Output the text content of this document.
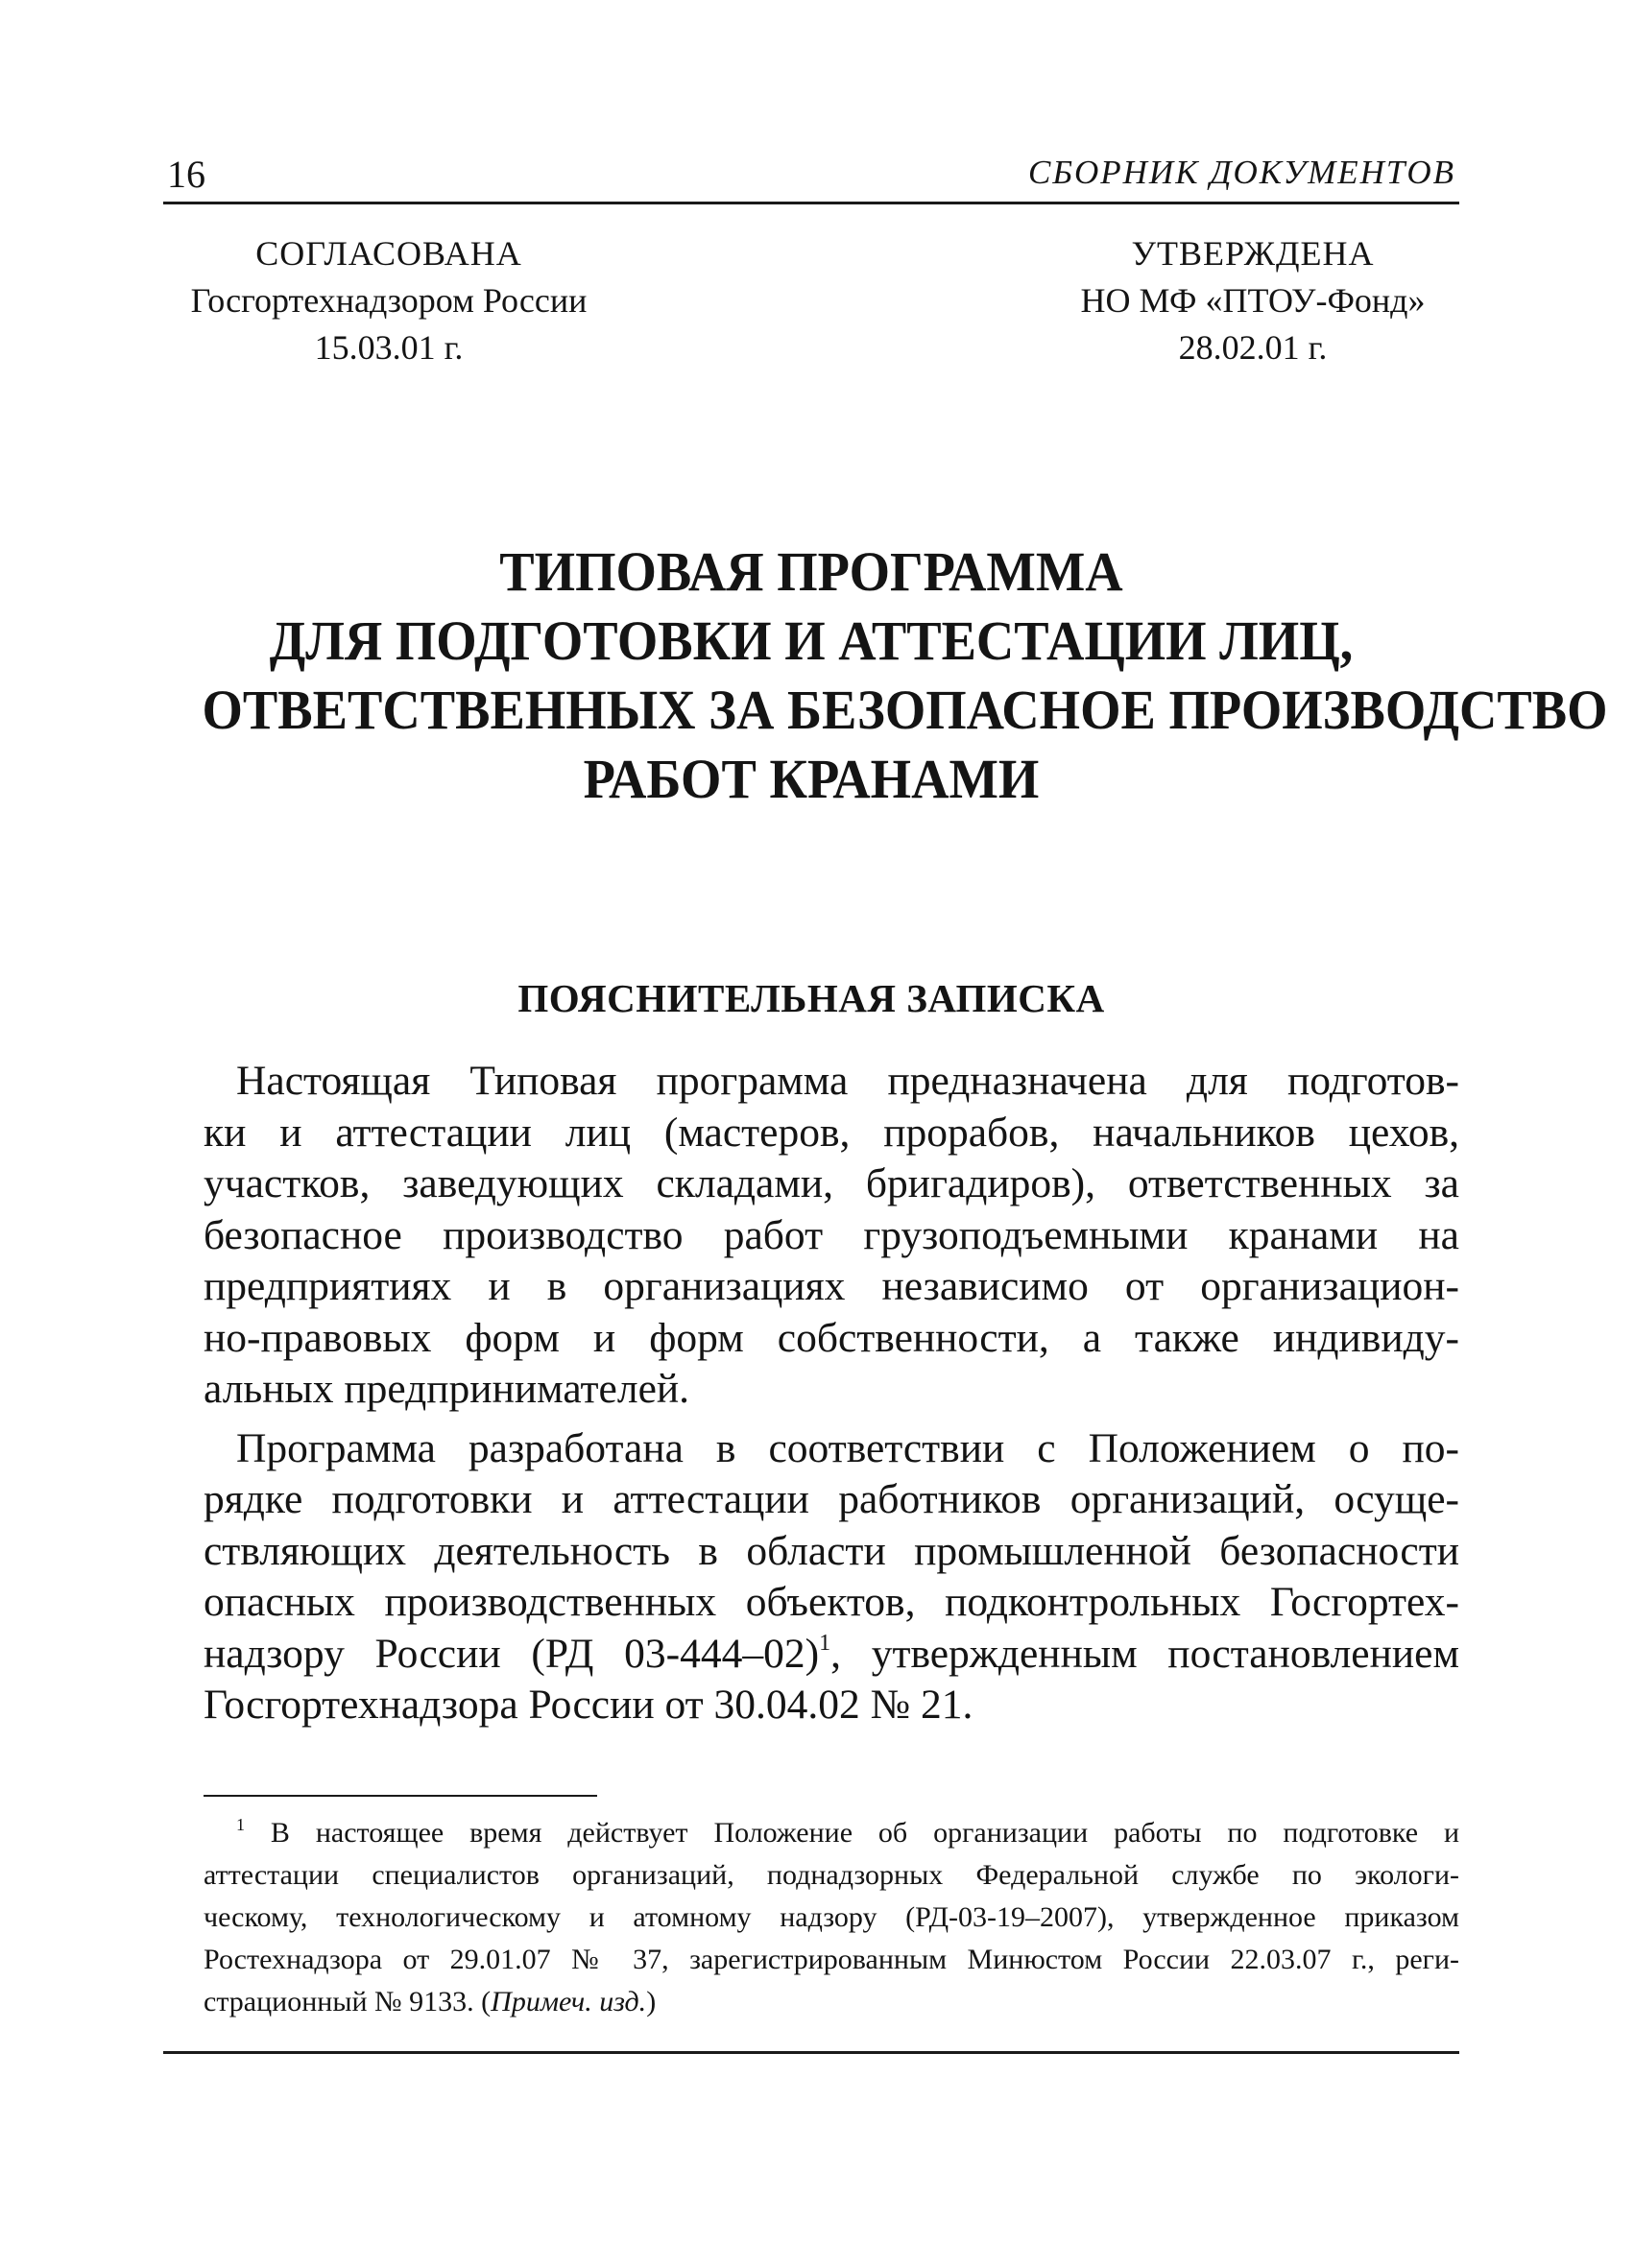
16	СБОРНИК ДОКУМЕНТОВ
СОГЛАСОВАНА
Госгортехнадзором России
15.03.01 г.
УТВЕРЖДЕНА
НО МФ «ПТОУ-Фонд»
28.02.01 г.
ТИПОВАЯ ПРОГРАММА
ДЛЯ ПОДГОТОВКИ И АТТЕСТАЦИИ ЛИЦ,
ОТВЕТСТВЕННЫХ ЗА БЕЗОПАСНОЕ ПРОИЗВОДСТВО
РАБОТ КРАНАМИ
ПОЯСНИТЕЛЬНАЯ ЗАПИСКА
Настоящая Типовая программа предназначена для подготов-
ки и аттестации лиц (мастеров, прорабов, начальников цехов,
участков, заведующих складами, бригадиров), ответственных за
безопасное производство работ грузоподъемными кранами на
предприятиях и в организациях независимо от организацион-
но-правовых форм и форм собственности, а также индивиду-
альных предпринимателей.
Программа разработана в соответствии с Положением о по-
рядке подготовки и аттестации работников организаций, осуще-
ствляющих деятельность в области промышленной безопасности
опасных производственных объектов, подконтрольных Госгортех-
надзору России (РД 03-444–02)$^1$, утвержденным постановлением
Госгортехнадзора России от 30.04.02 № 21.
$^1$ В настоящее время действует Положение об организации работы по подготовке и
аттестации специалистов организаций, поднадзорных Федеральной службе по экологи-
ческому, технологическому и атомному надзору (РД-03-19–2007), утвержденное приказом
Ростехнадзора от 29.01.07 № 37, зарегистрированным Минюстом России 22.03.07 г., реги-
страционный № 9133. (Примеч. изд.)
